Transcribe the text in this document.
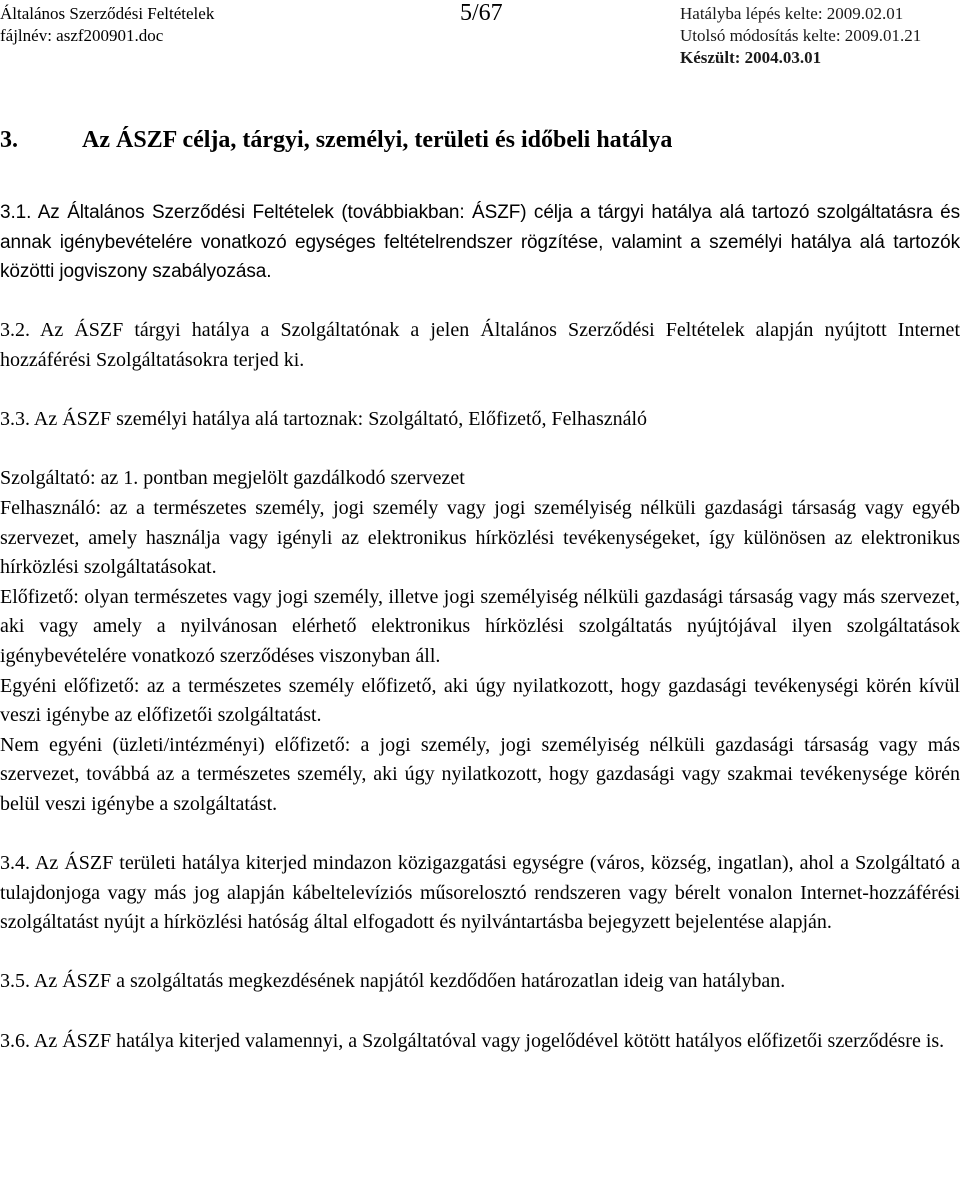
Általános Szerződési Feltételek
fájlnév: aszf200901.doc
5/67	Hatályba lépés kelte: 2009.02.01
Utolsó módosítás kelte: 2009.01.21
Készült: 2004.03.01
3.	Az ÁSZF célja, tárgyi, személyi, területi és időbeli hatálya

3.1. Az Általános Szerződési Feltételek (továbbiakban: ÁSZF) célja a tárgyi hatálya alá tartozó szolgáltatásra és annak igénybevételére vonatkozó egységes feltételrendszer rögzítése, valamint a személyi hatálya alá tartozók közötti jogviszony szabályozása.

3.2. Az ÁSZF tárgyi hatálya a Szolgáltatónak a jelen Általános Szerződési Feltételek alapján nyújtott Internet hozzáférési Szolgáltatásokra terjed ki.

3.3. Az ÁSZF személyi hatálya alá tartoznak: Szolgáltató, Előfizető, Felhasználó

Szolgáltató: az 1. pontban megjelölt gazdálkodó szervezet

Felhasználó: az a természetes személy, jogi személy vagy jogi személyiség nélküli gazdasági társaság vagy egyéb szervezet, amely használja vagy igényli az elektronikus hírközlési tevékenységeket, így különösen az elektronikus hírközlési szolgáltatásokat.

Előfizető: olyan természetes vagy jogi személy, illetve jogi személyiség nélküli gazdasági társaság vagy más szervezet, aki vagy amely a nyilvánosan elérhető elektronikus hírközlési szolgáltatás nyújtójával ilyen szolgáltatások igénybevételére vonatkozó szerződéses viszonyban áll.

Egyéni előfizető: az a természetes személy előfizető, aki úgy nyilatkozott, hogy gazdasági tevékenységi körén kívül veszi igénybe az előfizetői szolgáltatást.

Nem egyéni (üzleti/intézményi) előfizető: a jogi személy, jogi személyiség nélküli gazdasági társaság vagy más szervezet, továbbá az a természetes személy, aki úgy nyilatkozott, hogy gazdasági vagy szakmai tevékenysége körén belül veszi igénybe a szolgáltatást.

3.4. Az ÁSZF területi hatálya kiterjed mindazon közigazgatási egységre (város, község, ingatlan), ahol a Szolgáltató a tulajdonjoga vagy más jog alapján kábeltelevíziós műsorelosztó rendszeren vagy bérelt vonalon Internet-hozzáférési szolgáltatást nyújt a hírközlési hatóság által elfogadott és nyilvántartásba bejegyzett bejelentése alapján.

3.5. Az ÁSZF a szolgáltatás megkezdésének napjától kezdődően határozatlan ideig van hatályban.

3.6. Az ÁSZF hatálya kiterjed valamennyi, a Szolgáltatóval vagy jogelődével kötött hatályos előfizetői szerződésre is.
